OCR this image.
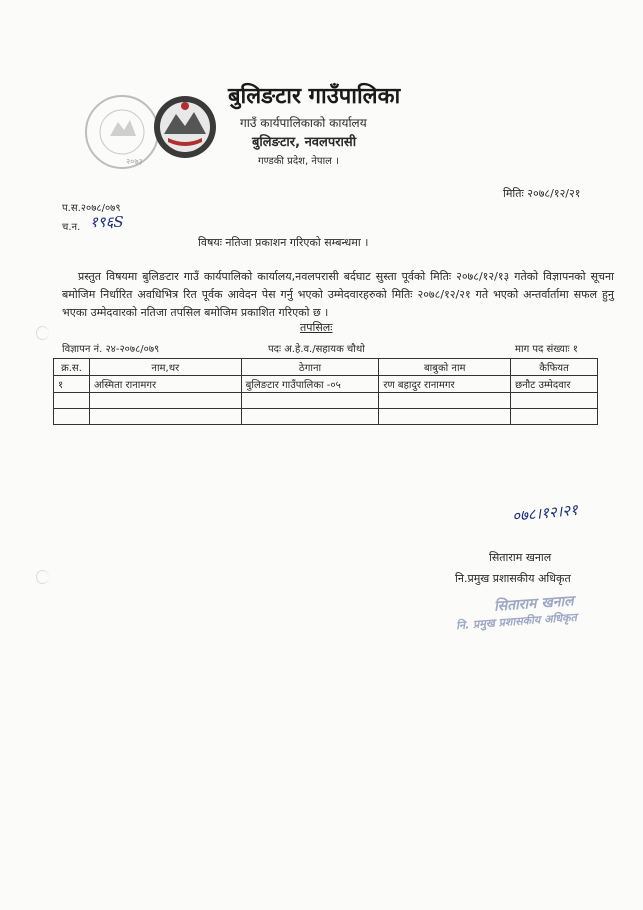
२०७३
बुलिङटार गाउँपालिका
गाउँ कार्यपालिकाको कार्यालय
बुलिङटार, नवलपरासी
गण्डकी प्रदेश, नेपाल ।
मितिः २०७८/१२/२१
प.स.२०७८/०७९
च.न. १९६S
विषयः नतिजा प्रकाशन गरिएको सम्बन्धमा ।
प्रस्तुत विषयमा बुलिङटार गाउँ कार्यपालिको कार्यालय,नवलपरासी बर्दघाट सुस्ता पूर्वको मितिः २०७८/१२/१३ गतेको विज्ञापनको सूचना बमोजिम निर्धारित अवधिभित्र रित पूर्वक आवेदन पेस गर्नु भएको उम्मेदवारहरुको मितिः २०७८/१२/२१ गते भएको अन्तर्वार्तामा सफल हुनु भएका उम्मेदवारको नतिजा तपसिल बमोजिम प्रकाशित गरिएको छ ।
तपसिलः
विज्ञापन नं. २४-२०७८/०७९	पदः अ.हे.व./सहायक चौथो	माग पद संख्याः १
क्र.स.	नाम,थर	ठेगाना	बाबुको नाम	कैफियत
१	अस्मिता रानामगर	बुलिङटार गाउँपालिका -०५	रण बहादुर रानामगर	छनौट उम्मेदवार

०७८।१२।२१
सिताराम खनाल
नि.प्रमुख प्रशासकीय अधिकृत
सिताराम खनाल
नि. प्रमुख प्रशासकीय अधिकृत
